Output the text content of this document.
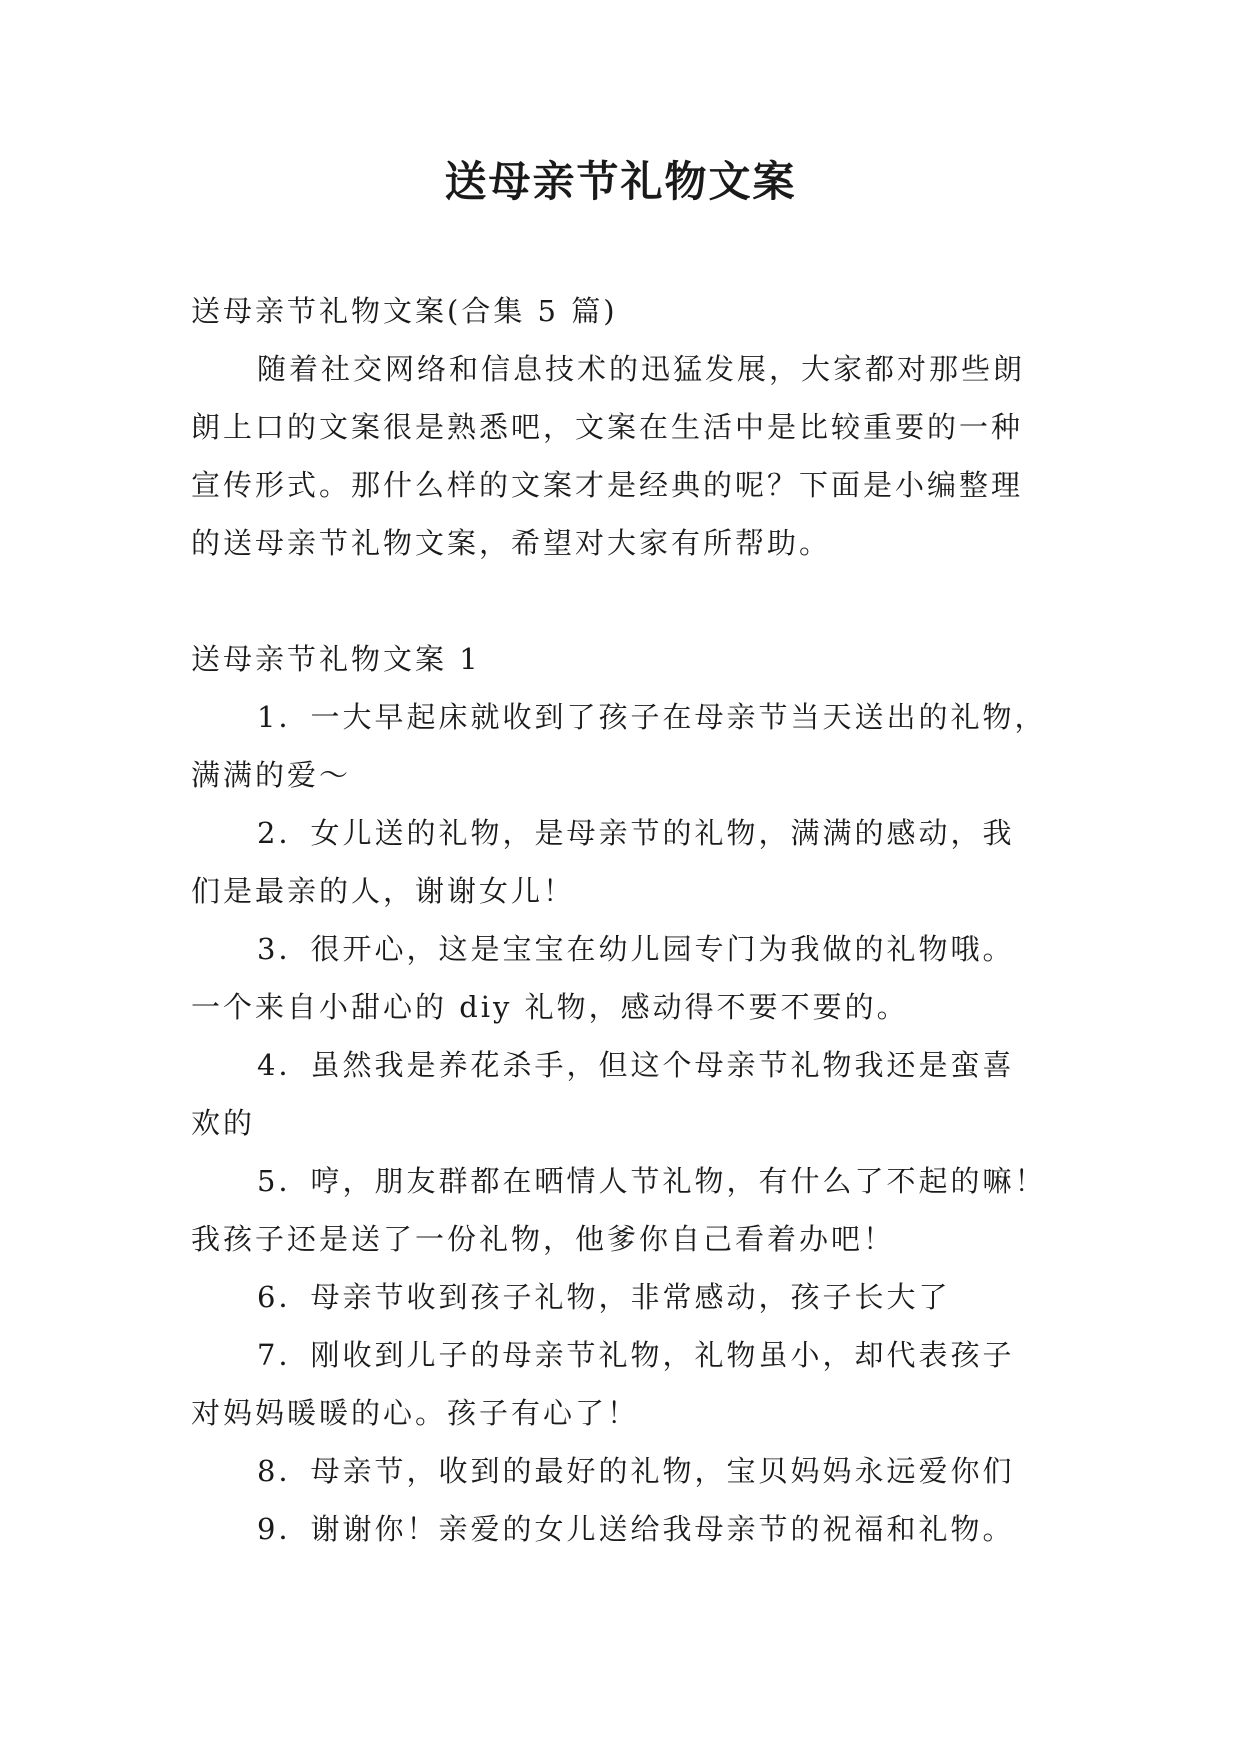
送母亲节礼物文案

送母亲节礼物文案(合集 5 篇)

随着社交网络和信息技术的迅猛发展，大家都对那些朗

朗上口的文案很是熟悉吧，文案在生活中是比较重要的一种

宣传形式。那什么样的文案才是经典的呢？下面是小编整理

的送母亲节礼物文案，希望对大家有所帮助。

送母亲节礼物文案 1

1．一大早起床就收到了孩子在母亲节当天送出的礼物，

满满的爱～

2．女儿送的礼物，是母亲节的礼物，满满的感动，我

们是最亲的人，谢谢女儿！

3．很开心，这是宝宝在幼儿园专门为我做的礼物哦。

一个来自小甜心的 diy 礼物，感动得不要不要的。

4．虽然我是养花杀手，但这个母亲节礼物我还是蛮喜

欢的

5．哼，朋友群都在晒情人节礼物，有什么了不起的嘛！

我孩子还是送了一份礼物，他爹你自己看着办吧！

6．母亲节收到孩子礼物，非常感动，孩子长大了

7．刚收到儿子的母亲节礼物，礼物虽小，却代表孩子

对妈妈暖暖的心。孩子有心了！

8．母亲节，收到的最好的礼物，宝贝妈妈永远爱你们

9．谢谢你！亲爱的女儿送给我母亲节的祝福和礼物。
